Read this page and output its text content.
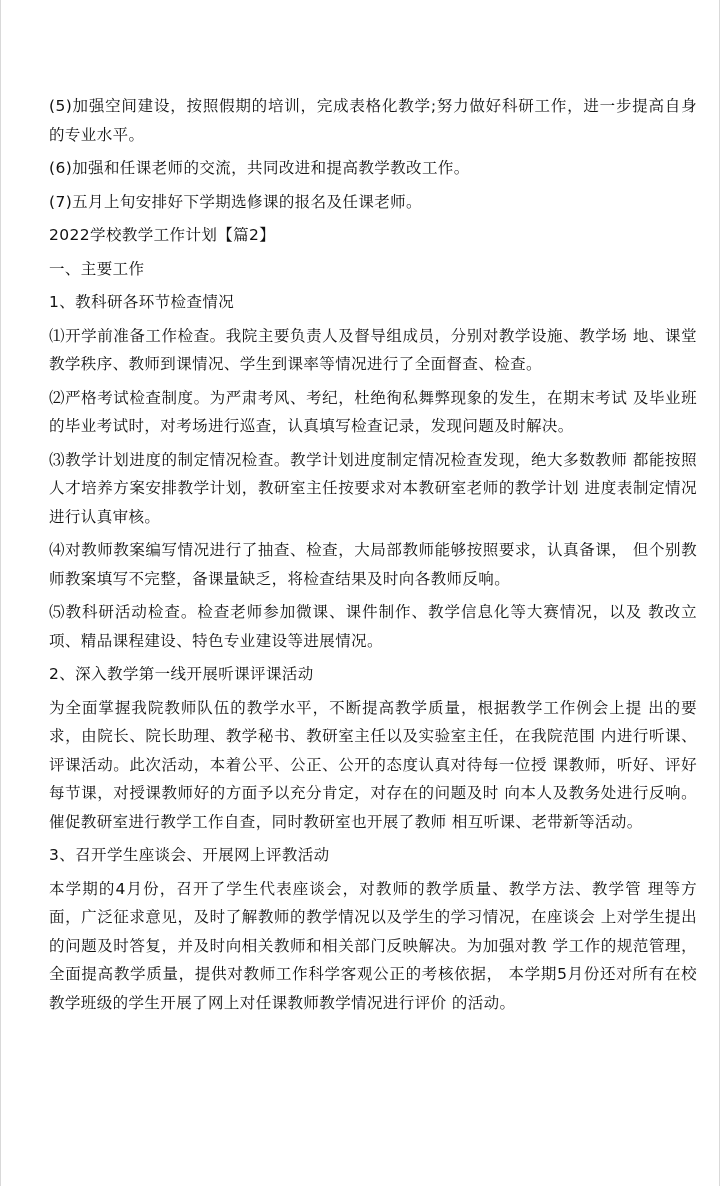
(5)加强空间建设，按照假期的培训，完成表格化教学;努力做好科研工作，进一步提高自身的专业水平。

(6)加强和任课老师的交流，共同改进和提高教学教改工作。

(7)五月上旬安排好下学期选修课的报名及任课老师。

2022学校教学工作计划【篇2】

一、主要工作

1、教科研各环节检查情况

⑴开学前准备工作检查。我院主要负责人及督导组成员，分别对教学设施、教学场 地、课堂教学秩序、教师到课情况、学生到课率等情况进行了全面督查、检查。

⑵严格考试检查制度。为严肃考风、考纪，杜绝徇私舞弊现象的发生，在期末考试 及毕业班的毕业考试时，对考场进行巡查，认真填写检查记录，发现问题及时解决。

⑶教学计划进度的制定情况检查。教学计划进度制定情况检查发现，绝大多数教师 都能按照人才培养方案安排教学计划，教研室主任按要求对本教研室老师的教学计划 进度表制定情况进行认真审核。

⑷对教师教案编写情况进行了抽查、检查，大局部教师能够按照要求，认真备课， 但个别教师教案填写不完整，备课量缺乏，将检查结果及时向各教师反响。

⑸教科研活动检查。检查老师参加微课、课件制作、教学信息化等大赛情况，以及 教改立项、精品课程建设、特色专业建设等进展情况。

2、深入教学第一线开展听课评课活动

为全面掌握我院教师队伍的教学水平，不断提高教学质量，根据教学工作例会上提 出的要求，由院长、院长助理、教学秘书、教研室主任以及实验室主任，在我院范围 内进行听课、评课活动。此次活动，本着公平、公正、公开的态度认真对待每一位授 课教师，听好、评好每节课，对授课教师好的方面予以充分肯定，对存在的问题及时 向本人及教务处进行反响。催促教研室进行教学工作自查，同时教研室也开展了教师 相互听课、老带新等活动。

3、召开学生座谈会、开展网上评教活动

本学期的4月份，召开了学生代表座谈会，对教师的教学质量、教学方法、教学管 理等方面，广泛征求意见，及时了解教师的教学情况以及学生的学习情况，在座谈会 上对学生提出的问题及时答复，并及时向相关教师和相关部门反映解决。为加强对教 学工作的规范管理，全面提高教学质量，提供对教师工作科学客观公正的考核依据， 本学期5月份还对所有在校教学班级的学生开展了网上对任课教师教学情况进行评价 的活动。
